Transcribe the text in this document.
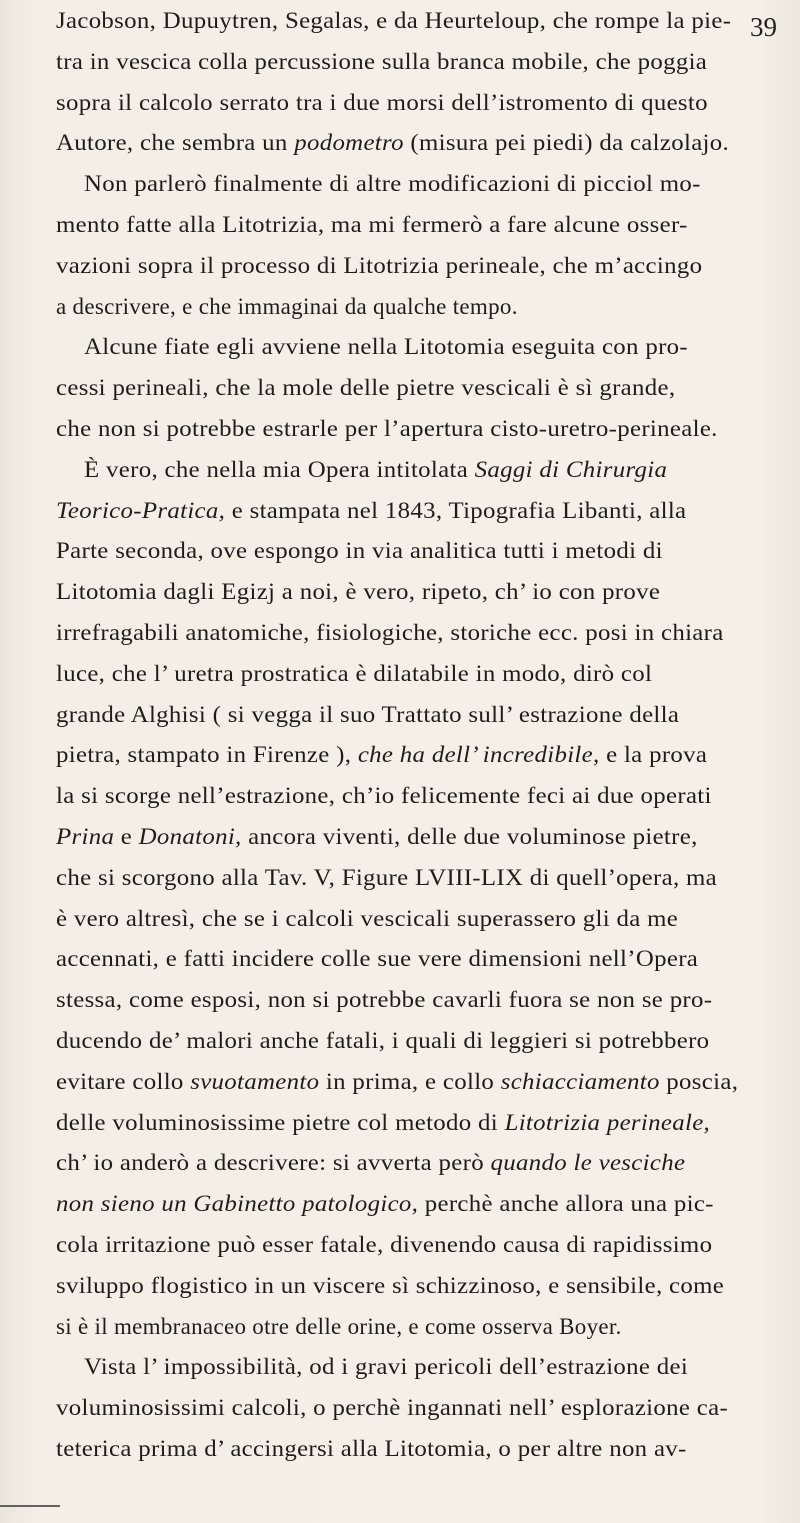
39
Jacobson, Dupuytren, Segalas, e da Heurteloup, che rompe la pie-
tra in vescica colla percussione sulla branca mobile, che poggia
sopra il calcolo serrato tra i due morsi dell’istromento di questo
Autore, che sembra un podometro (misura pei piedi) da calzolajo.
Non parlerò finalmente di altre modificazioni di picciol mo-
mento fatte alla Litotrizia, ma mi fermerò a fare alcune osser-
vazioni sopra il processo di Litotrizia perineale, che m’accingo
a descrivere, e che immaginai da qualche tempo.
Alcune fiate egli avviene nella Litotomia eseguita con pro-
cessi perineali, che la mole delle pietre vescicali è sì grande,
che non si potrebbe estrarle per l’apertura cisto-uretro-perineale.
È vero, che nella mia Opera intitolata Saggi di Chirurgia
Teorico-Pratica, e stampata nel 1843, Tipografia Libanti, alla
Parte seconda, ove espongo in via analitica tutti i metodi di
Litotomia dagli Egizj a noi, è vero, ripeto, ch’ io con prove
irrefragabili anatomiche, fisiologiche, storiche ecc. posi in chiara
luce, che l’ uretra prostratica è dilatabile in modo, dirò col
grande Alghisi ( si vegga il suo Trattato sull’ estrazione della
pietra, stampato in Firenze ), che ha dell’ incredibile, e la prova
la si scorge nell’estrazione, ch’io felicemente feci ai due operati
Prina e Donatoni, ancora viventi, delle due voluminose pietre,
che si scorgono alla Tav. V, Figure LVIII-LIX di quell’opera, ma
è vero altresì, che se i calcoli vescicali superassero gli da me
accennati, e fatti incidere colle sue vere dimensioni nell’Opera
stessa, come esposi, non si potrebbe cavarli fuora se non se pro-
ducendo de’ malori anche fatali, i quali di leggieri si potrebbero
evitare collo svuotamento in prima, e collo schiacciamento poscia,
delle voluminosissime pietre col metodo di Litotrizia perineale,
ch’ io anderò a descrivere: si avverta però quando le vesciche
non sieno un Gabinetto patologico, perchè anche allora una pic-
cola irritazione può esser fatale, divenendo causa di rapidissimo
sviluppo flogistico in un viscere sì schizzinoso, e sensibile, come
si è il membranaceo otre delle orine, e come osserva Boyer.
Vista l’ impossibilità, od i gravi pericoli dell’estrazione dei
voluminosissimi calcoli, o perchè ingannati nell’ esplorazione ca-
teterica prima d’ accingersi alla Litotomia, o per altre non av-
